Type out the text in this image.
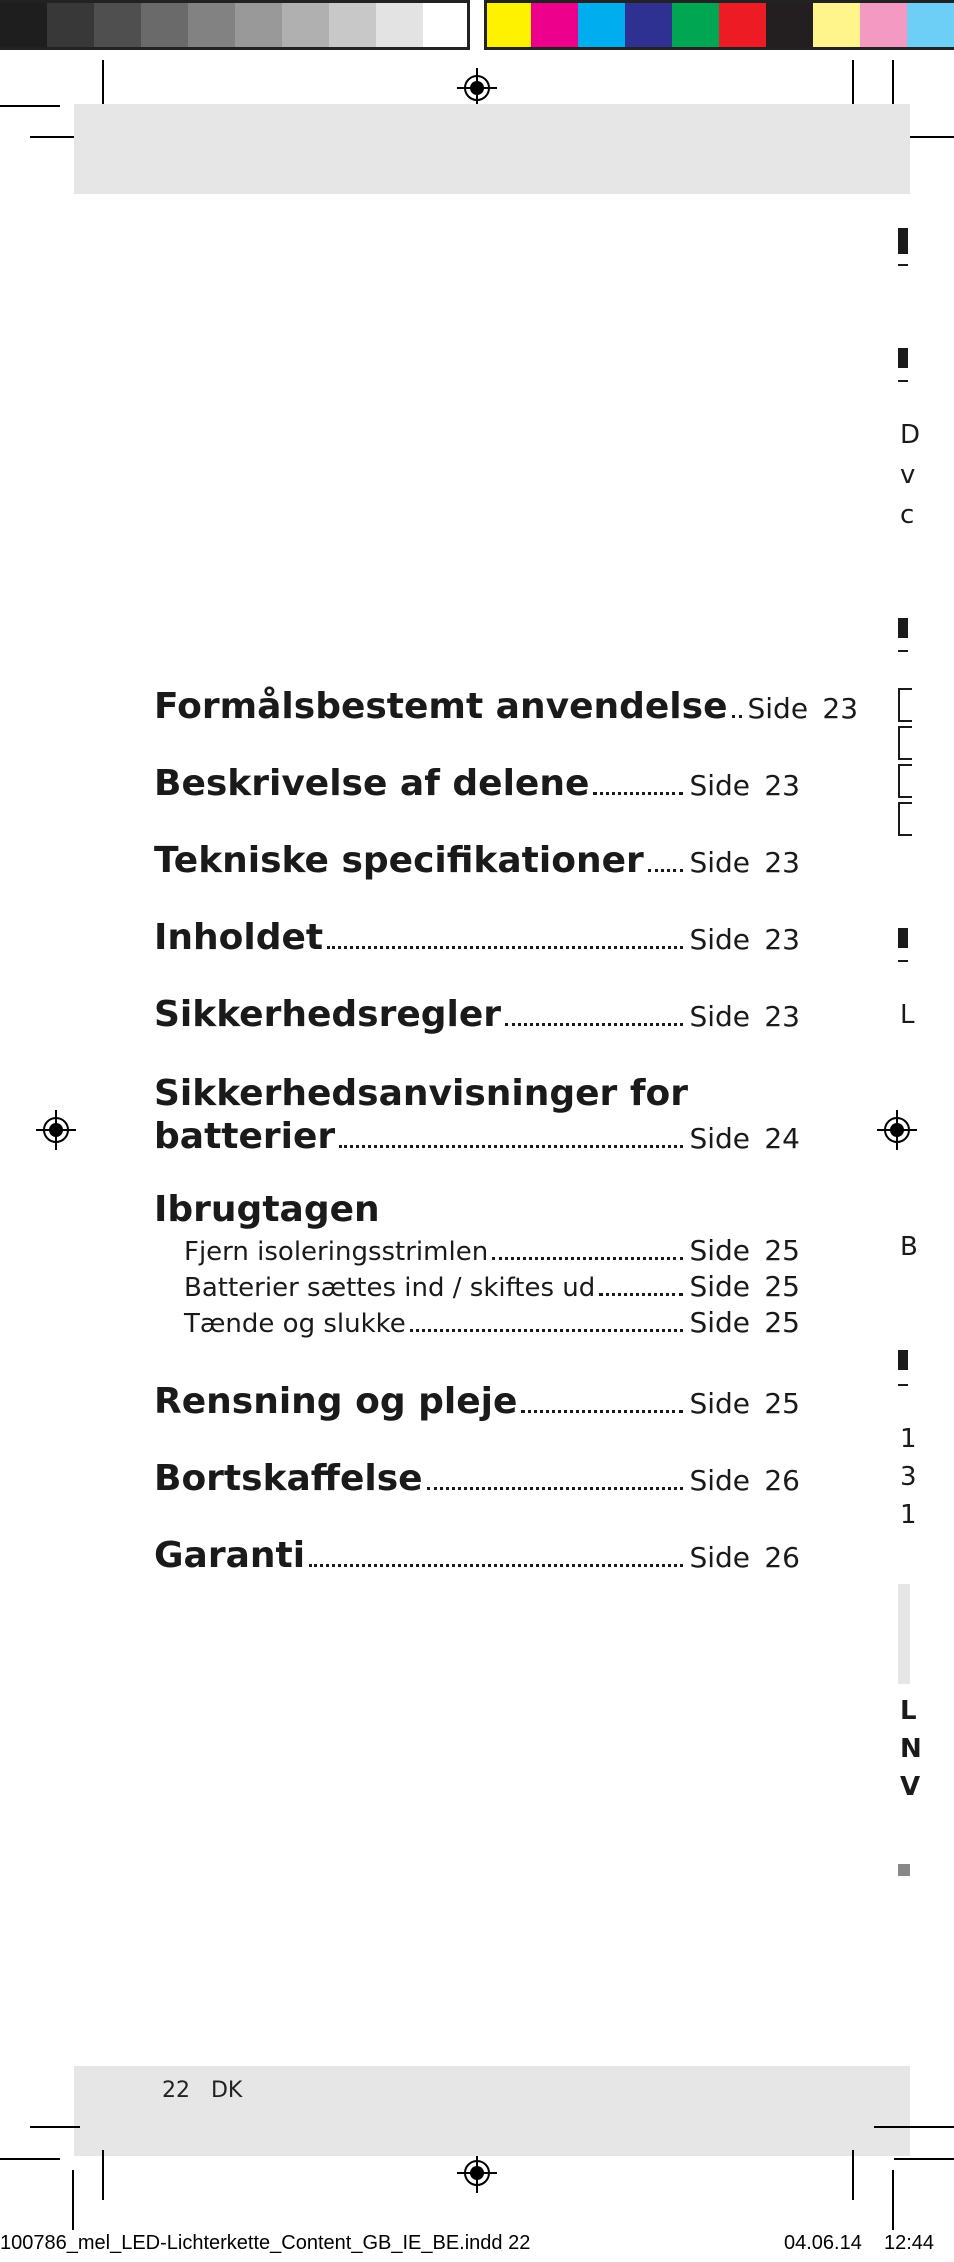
Formålsbestemt anvendelse Side 23
Beskrivelse af delene	Side 23
Tekniske specifikationer Side 23
Inholdet	Side 23
Sikkerhedsregler	Side 23
Sikkerhedsanvisninger for
batterier	Side 24
Ibrugtagen
Fjern isoleringsstrimlen	Side 25
Batterier sættes ind / skiftes ud	Side 25
Tænde og slukke	Side 25
Rensning og pleje	Side 25
Bortskaffelse	Side 26
Garanti	Side 26
D
v
c
L
B
1
3
1
L
N
V
22 DK
100786_mel_LED-Lichterkette_Content_GB_IE_BE.indd 22	04.06.14 12:44
